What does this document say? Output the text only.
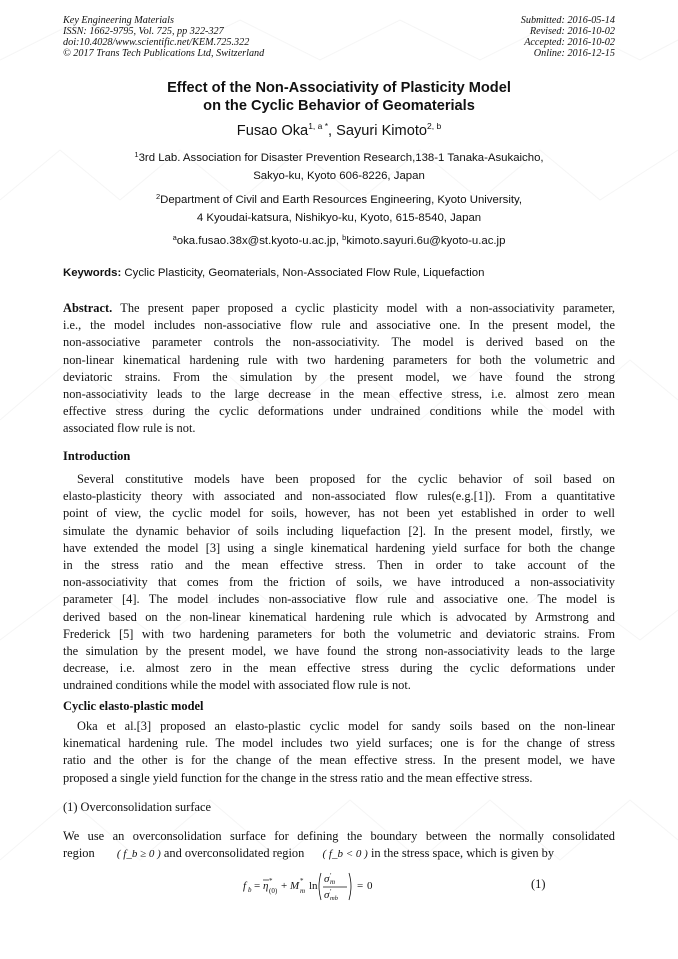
Key Engineering Materials
ISSN: 1662-9795, Vol. 725, pp 322-327
doi:10.4028/www.scientific.net/KEM.725.322
© 2017 Trans Tech Publications Ltd, Switzerland
Submitted: 2016-05-14
Revised: 2016-10-02
Accepted: 2016-10-02
Online: 2016-12-15
Effect of the Non-Associativity of Plasticity Model
on the Cyclic Behavior of Geomaterials
Fusao Oka$^{1, a *}$, Sayuri Kimoto$^{2, b}$
$^1$3rd Lab. Association for Disaster Prevention Research,138-1 Tanaka-Asukaicho,
Sakyo-ku, Kyoto 606-8226, Japan
$^2$Department of Civil and Earth Resources Engineering, Kyoto University,
4 Kyoudai-katsura, Nishikyo-ku, Kyoto, 615-8540, Japan
$^a$oka.fusao.38x@st.kyoto-u.ac.jp, $^b$kimoto.sayuri.6u@kyoto-u.ac.jp
Keywords: Cyclic Plasticity, Geomaterials, Non-Associated Flow Rule, Liquefaction
Abstract. The present paper proposed a cyclic plasticity model with a non-associativity parameter,
i.e., the model includes non-associative flow rule and associative one. In the present model, the
non-associative parameter controls the non-associativity. The model is derived based on the
non-linear kinematical hardening rule with two hardening parameters for both the volumetric and
deviatoric strains. From the simulation by the present model, we have found the strong
non-associativity leads to the large decrease in the mean effective stress, i.e. almost zero mean
effective stress during the cyclic deformations under undrained conditions while the model with
associated flow rule is not.
Introduction
Several constitutive models have been proposed for the cyclic behavior of soil based on
elasto-plasticity theory with associated and non-associated flow rules(e.g.[1]). From a quantitative
point of view, the cyclic model for soils, however, has not been yet established in order to well
simulate the dynamic behavior of soils including liquefaction [2]. In the present model, firstly, we
have extended the model [3] using a single kinematical hardening yield surface for both the change
in the stress ratio and the mean effective stress. Then in order to take account of the
non-associativity that comes from the friction of soils, we have introduced a non-associativity
parameter [4]. The model includes non-associative flow rule and associative one. The model is
derived based on the non-linear kinematical hardening rule which is advocated by Armstrong and
Frederick [5] with two hardening parameters for both the volumetric and deviatoric strains. From
the simulation by the present model, we have found the strong non-associativity leads to the large
decrease, i.e. almost zero in the mean effective stress during the cyclic deformations under
undrained conditions while the model with associated flow rule is not.
Cyclic elasto-plastic model
Oka et al.[3] proposed an elasto-plastic cyclic model for sandy soils based on the non-linear
kinematical hardening rule. The model includes two yield surfaces; one is for the change of stress
ratio and the other is for the change of the mean effective stress. In the present model, we have
proposed a single yield function for the change in the stress ratio and the mean effective stress.
(1) Overconsolidation surface
We use an overconsolidation surface for defining the boundary between the normally consolidated
region ( f_b ≥ 0 ) and overconsolidated region ( f_b < 0 ) in the stress space, which is given by
f b = η *
(0) + M *
m ln
σ ′
m
σ ′
mb
= 0	(1)
